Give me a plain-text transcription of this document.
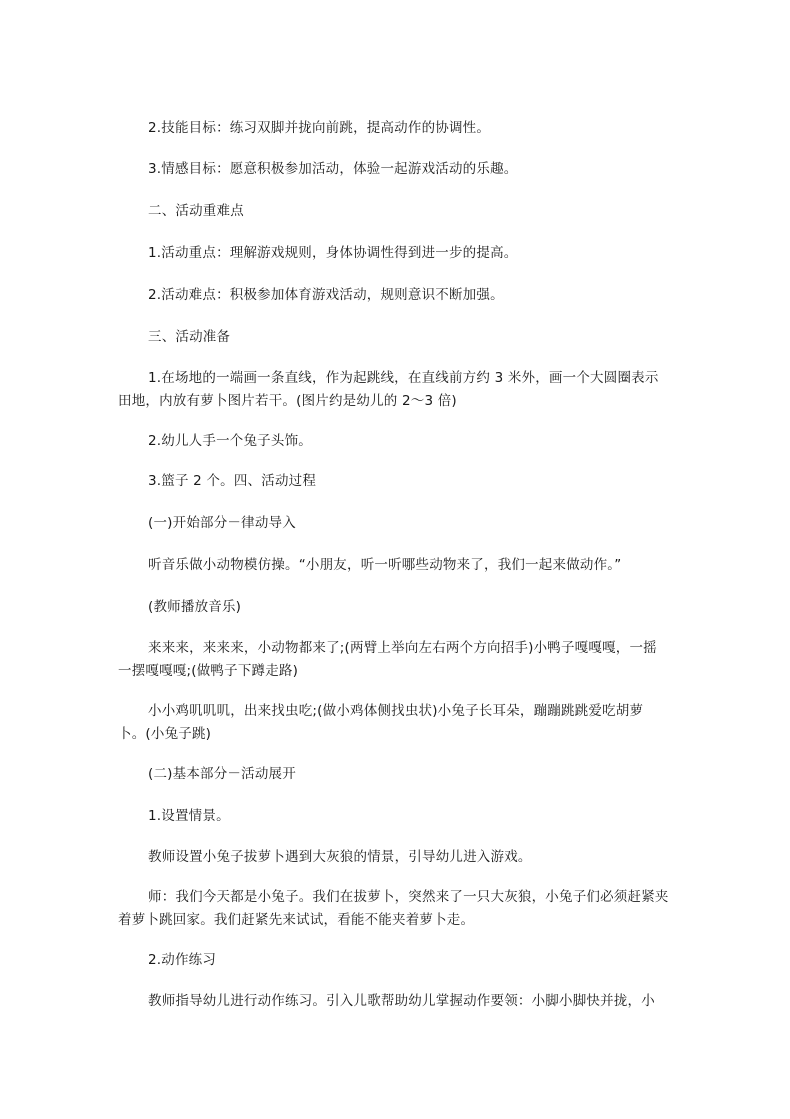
2.技能目标：练习双脚并拢向前跳，提高动作的协调性。

3.情感目标：愿意积极参加活动，体验一起游戏活动的乐趣。

二、活动重难点

1.活动重点：理解游戏规则，身体协调性得到进一步的提高。

2.活动难点：积极参加体育游戏活动，规则意识不断加强。

三、活动准备

1.在场地的一端画一条直线，作为起跳线，在直线前方约 3 米外，画一个大圆圈表示田地，内放有萝卜图片若干。(图片约是幼儿的 2～3 倍)

2.幼儿人手一个兔子头饰。

3.篮子 2 个。四、活动过程

(一)开始部分－律动导入

听音乐做小动物模仿操。“小朋友，听一听哪些动物来了，我们一起来做动作。”

(教师播放音乐)

来来来，来来来，小动物都来了;(两臂上举向左右两个方向招手)小鸭子嘎嘎嘎，一摇一摆嘎嘎嘎;(做鸭子下蹲走路)

小小鸡叽叽叽，出来找虫吃;(做小鸡体侧找虫状)小兔子长耳朵，蹦蹦跳跳爱吃胡萝卜。(小兔子跳)

(二)基本部分－活动展开

1.设置情景。

教师设置小兔子拔萝卜遇到大灰狼的情景，引导幼儿进入游戏。

师：我们今天都是小兔子。我们在拔萝卜，突然来了一只大灰狼，小兔子们必须赶紧夹着萝卜跳回家。我们赶紧先来试试，看能不能夹着萝卜走。

2.动作练习

教师指导幼儿进行动作练习。引入儿歌帮助幼儿掌握动作要领：小脚小脚快并拢，小
